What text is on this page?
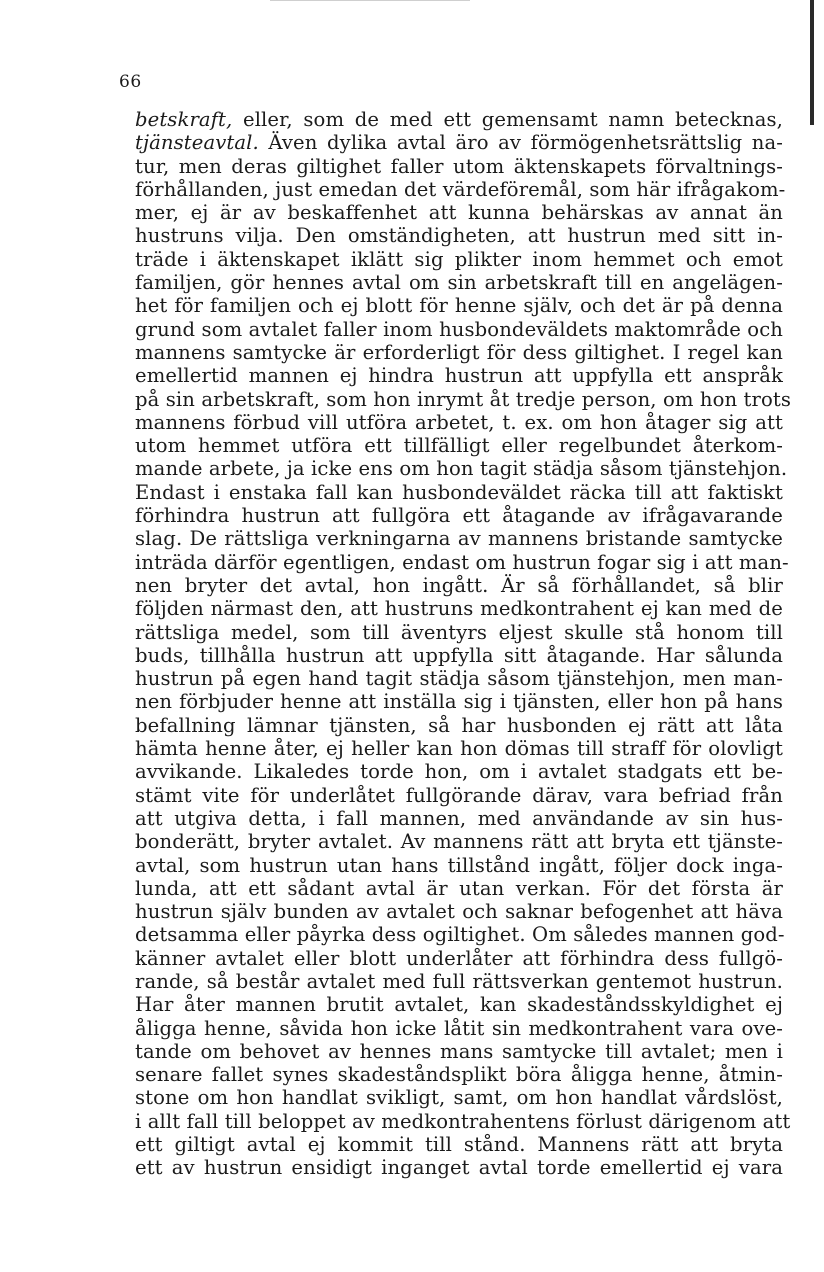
66
betskraft, eller, som de med ett gemensamt namn betecknas,
tjänsteavtal. Även dylika avtal äro av förmögenhetsrättslig na-
tur, men deras giltighet faller utom äktenskapets förvaltnings-
förhållanden, just emedan det värdeföremål, som här ifrågakom-
mer, ej är av beskaffenhet att kunna behärskas av annat än
hustruns vilja. Den omständigheten, att hustrun med sitt in-
träde i äktenskapet iklätt sig plikter inom hemmet och emot
familjen, gör hennes avtal om sin arbetskraft till en angelägen-
het för familjen och ej blott för henne själv, och det är på denna
grund som avtalet faller inom husbondeväldets maktområde och
mannens samtycke är erforderligt för dess giltighet. I regel kan
emellertid mannen ej hindra hustrun att uppfylla ett anspråk
på sin arbetskraft, som hon inrymt åt tredje person, om hon trots
mannens förbud vill utföra arbetet, t. ex. om hon åtager sig att
utom hemmet utföra ett tillfälligt eller regelbundet återkom-
mande arbete, ja icke ens om hon tagit städja såsom tjänstehjon.
Endast i enstaka fall kan husbondeväldet räcka till att faktiskt
förhindra hustrun att fullgöra ett åtagande av ifrågavarande
slag. De rättsliga verkningarna av mannens bristande samtycke
inträda därför egentligen, endast om hustrun fogar sig i att man-
nen bryter det avtal, hon ingått. Är så förhållandet, så blir
följden närmast den, att hustruns medkontrahent ej kan med de
rättsliga medel, som till äventyrs eljest skulle stå honom till
buds, tillhålla hustrun att uppfylla sitt åtagande. Har sålunda
hustrun på egen hand tagit städja såsom tjänstehjon, men man-
nen förbjuder henne att inställa sig i tjänsten, eller hon på hans
befallning lämnar tjänsten, så har husbonden ej rätt att låta
hämta henne åter, ej heller kan hon dömas till straff för olovligt
avvikande. Likaledes torde hon, om i avtalet stadgats ett be-
stämt vite för underlåtet fullgörande därav, vara befriad från
att utgiva detta, i fall mannen, med användande av sin hus-
bonderätt, bryter avtalet. Av mannens rätt att bryta ett tjänste-
avtal, som hustrun utan hans tillstånd ingått, följer dock inga-
lunda, att ett sådant avtal är utan verkan. För det första är
hustrun själv bunden av avtalet och saknar befogenhet att häva
detsamma eller påyrka dess ogiltighet. Om således mannen god-
känner avtalet eller blott underlåter att förhindra dess fullgö-
rande, så består avtalet med full rättsverkan gentemot hustrun.
Har åter mannen brutit avtalet, kan skadeståndsskyldighet ej
åligga henne, såvida hon icke låtit sin medkontrahent vara ove-
tande om behovet av hennes mans samtycke till avtalet; men i
senare fallet synes skadeståndsplikt böra åligga henne, åtmin-
stone om hon handlat svikligt, samt, om hon handlat vårdslöst,
i allt fall till beloppet av medkontrahentens förlust därigenom att
ett giltigt avtal ej kommit till stånd. Mannens rätt att bryta
ett av hustrun ensidigt inganget avtal torde emellertid ej vara
